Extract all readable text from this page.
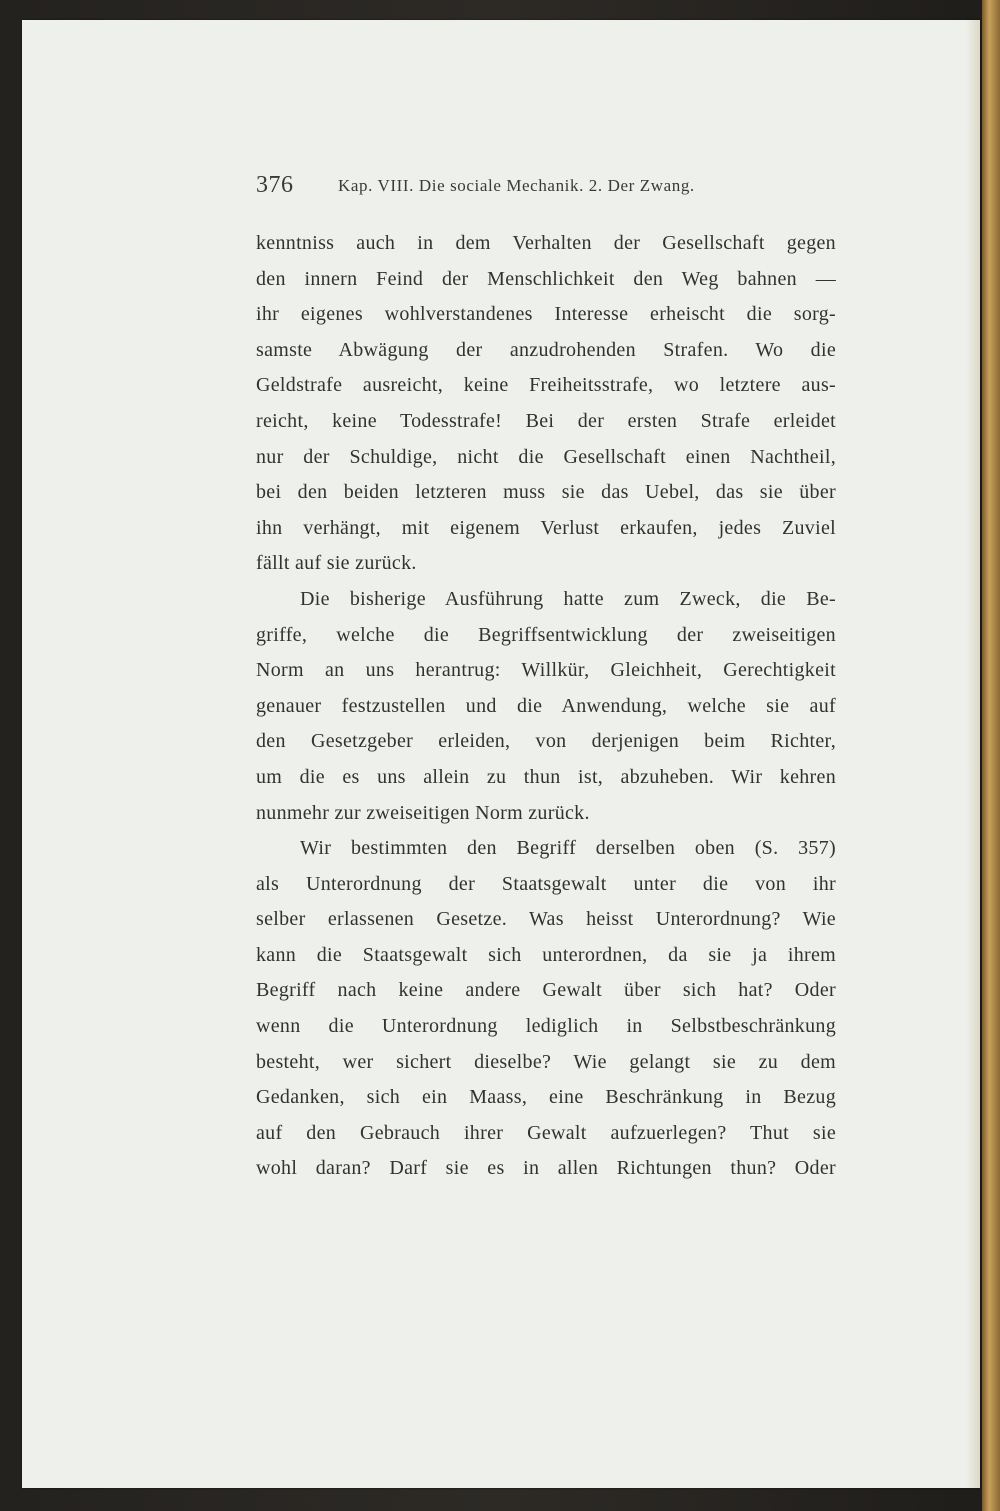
376	Kap. VIII. Die sociale Mechanik. 2. Der Zwang.
kenntniss auch in dem Verhalten der Gesellschaft gegen
den innern Feind der Menschlichkeit den Weg bahnen —
ihr eigenes wohlverstandenes Interesse erheischt die sorg-
samste Abwägung der anzudrohenden Strafen. Wo die
Geldstrafe ausreicht, keine Freiheitsstrafe, wo letztere aus-
reicht, keine Todesstrafe! Bei der ersten Strafe erleidet
nur der Schuldige, nicht die Gesellschaft einen Nachtheil,
bei den beiden letzteren muss sie das Uebel, das sie über
ihn verhängt, mit eigenem Verlust erkaufen, jedes Zuviel
fällt auf sie zurück.
Die bisherige Ausführung hatte zum Zweck, die Be-
griffe, welche die Begriffsentwicklung der zweiseitigen
Norm an uns herantrug: Willkür, Gleichheit, Gerechtigkeit
genauer festzustellen und die Anwendung, welche sie auf
den Gesetzgeber erleiden, von derjenigen beim Richter,
um die es uns allein zu thun ist, abzuheben. Wir kehren
nunmehr zur zweiseitigen Norm zurück.
Wir bestimmten den Begriff derselben oben (S. 357)
als Unterordnung der Staatsgewalt unter die von ihr
selber erlassenen Gesetze. Was heisst Unterordnung? Wie
kann die Staatsgewalt sich unterordnen, da sie ja ihrem
Begriff nach keine andere Gewalt über sich hat? Oder
wenn die Unterordnung lediglich in Selbstbeschränkung
besteht, wer sichert dieselbe? Wie gelangt sie zu dem
Gedanken, sich ein Maass, eine Beschränkung in Bezug
auf den Gebrauch ihrer Gewalt aufzuerlegen? Thut sie
wohl daran? Darf sie es in allen Richtungen thun? Oder
